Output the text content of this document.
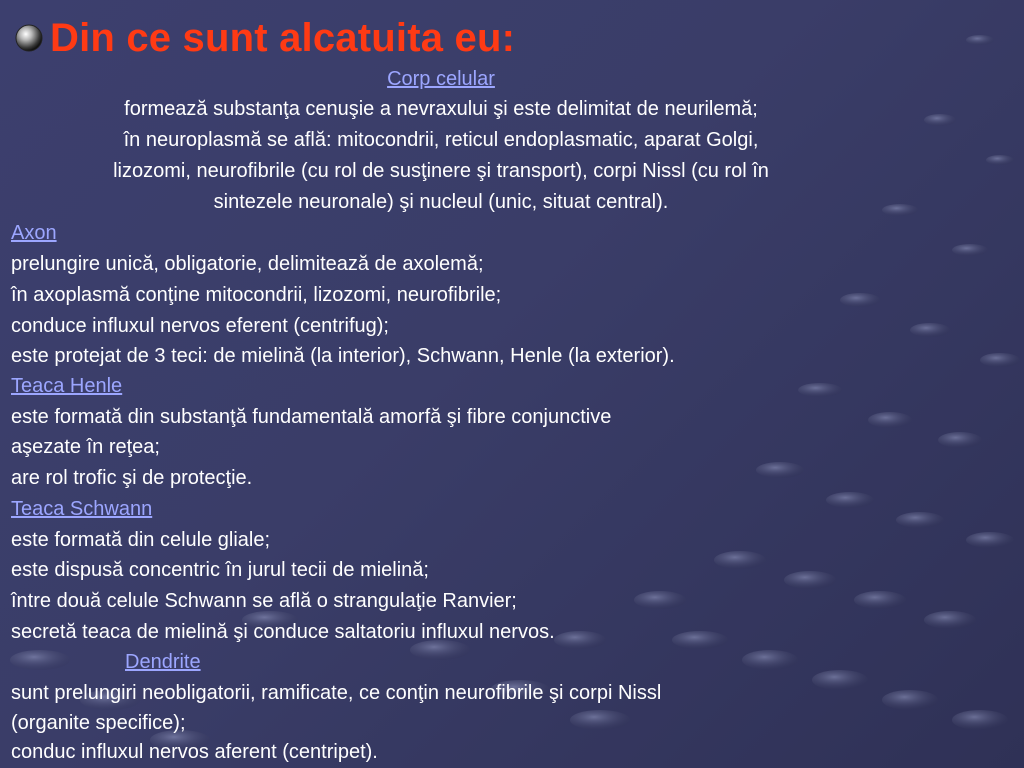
Din ce sunt alcatuita eu:
Corp celular
formează substanţa cenuşie a nevraxului şi este delimitat de neurilemă;
în neuroplasmă se află: mitocondrii, reticul endoplasmatic, aparat Golgi,
lizozomi, neurofibrile (cu rol de susţinere şi transport), corpi Nissl (cu rol în
sintezele neuronale) şi nucleul (unic, situat central).
Axon
prelungire unică, obligatorie, delimitează de axolemă;
în axoplasmă conţine mitocondrii, lizozomi, neurofibrile;
conduce influxul nervos eferent (centrifug);
este protejat de 3 teci: de mielină (la interior), Schwann, Henle (la exterior).
Teaca Henle
este formată din substanţă fundamentală amorfă şi fibre conjunctive
aşezate în reţea;
are rol trofic şi de protecţie.
Teaca Schwann
este formată din celule gliale;
este dispusă concentric în jurul tecii de mielină;
între două celule Schwann se află o strangulaţie Ranvier;
secretă teaca de mielină şi conduce saltatoriu influxul nervos.
Dendrite
sunt prelungiri neobligatorii, ramificate, ce conţin neurofibrile şi corpi Nissl
(organite specifice);
conduc influxul nervos aferent (centripet).
